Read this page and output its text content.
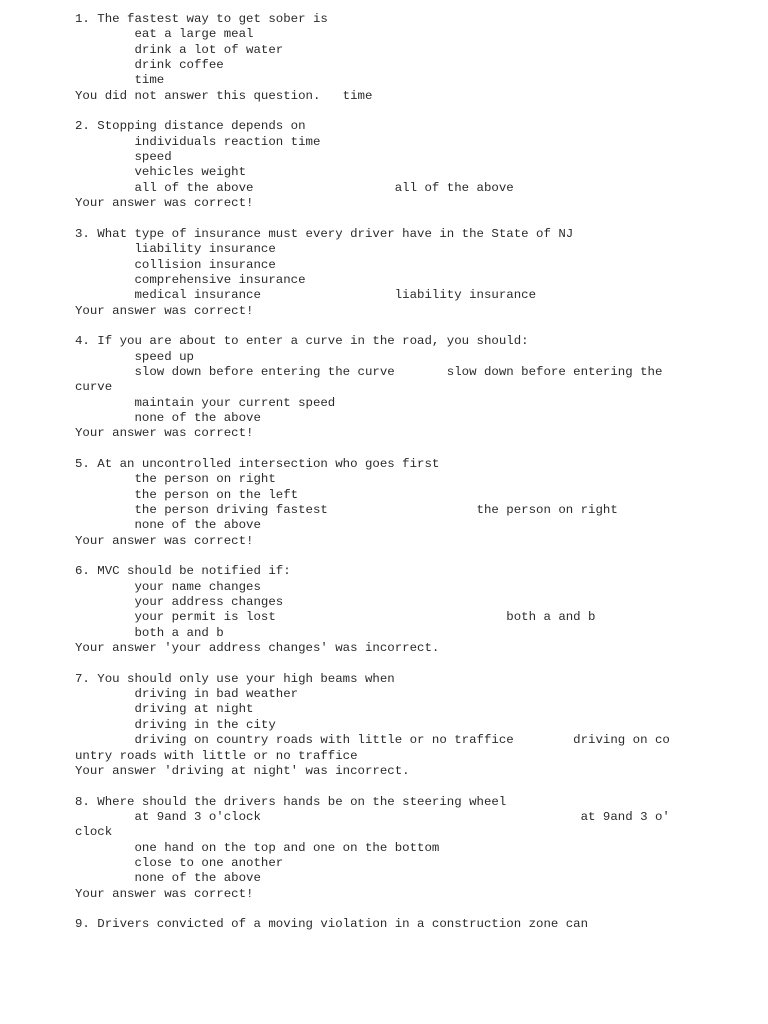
1. The fastest way to get sober is
eat a large meal
drink a lot of water
drink coffee
time
You did not answer this question.   time
2. Stopping distance depends on
individuals reaction time
speed
vehicles weight
all of the above                   all of the above
Your answer was correct!
3. What type of insurance must every driver have in the State of NJ
liability insurance
collision insurance
comprehensive insurance
medical insurance                  liability insurance
Your answer was correct!
4. If you are about to enter a curve in the road, you should:
speed up
slow down before entering the curve       slow down before entering the
curve
maintain your current speed
none of the above
Your answer was correct!
5. At an uncontrolled intersection who goes first
the person on right
the person on the left
the person driving fastest                    the person on right
none of the above
Your answer was correct!
6. MVC should be notified if:
your name changes
your address changes
your permit is lost                               both a and b
both a and b
Your answer 'your address changes' was incorrect.
7. You should only use your high beams when
driving in bad weather
driving at night
driving in the city
driving on country roads with little or no traffice        driving on co
untry roads with little or no traffice
Your answer 'driving at night' was incorrect.
8. Where should the drivers hands be on the steering wheel
at 9and 3 o'clock                                           at 9and 3 o'
clock
one hand on the top and one on the bottom
close to one another
none of the above
Your answer was correct!
9. Drivers convicted of a moving violation in a construction zone can
